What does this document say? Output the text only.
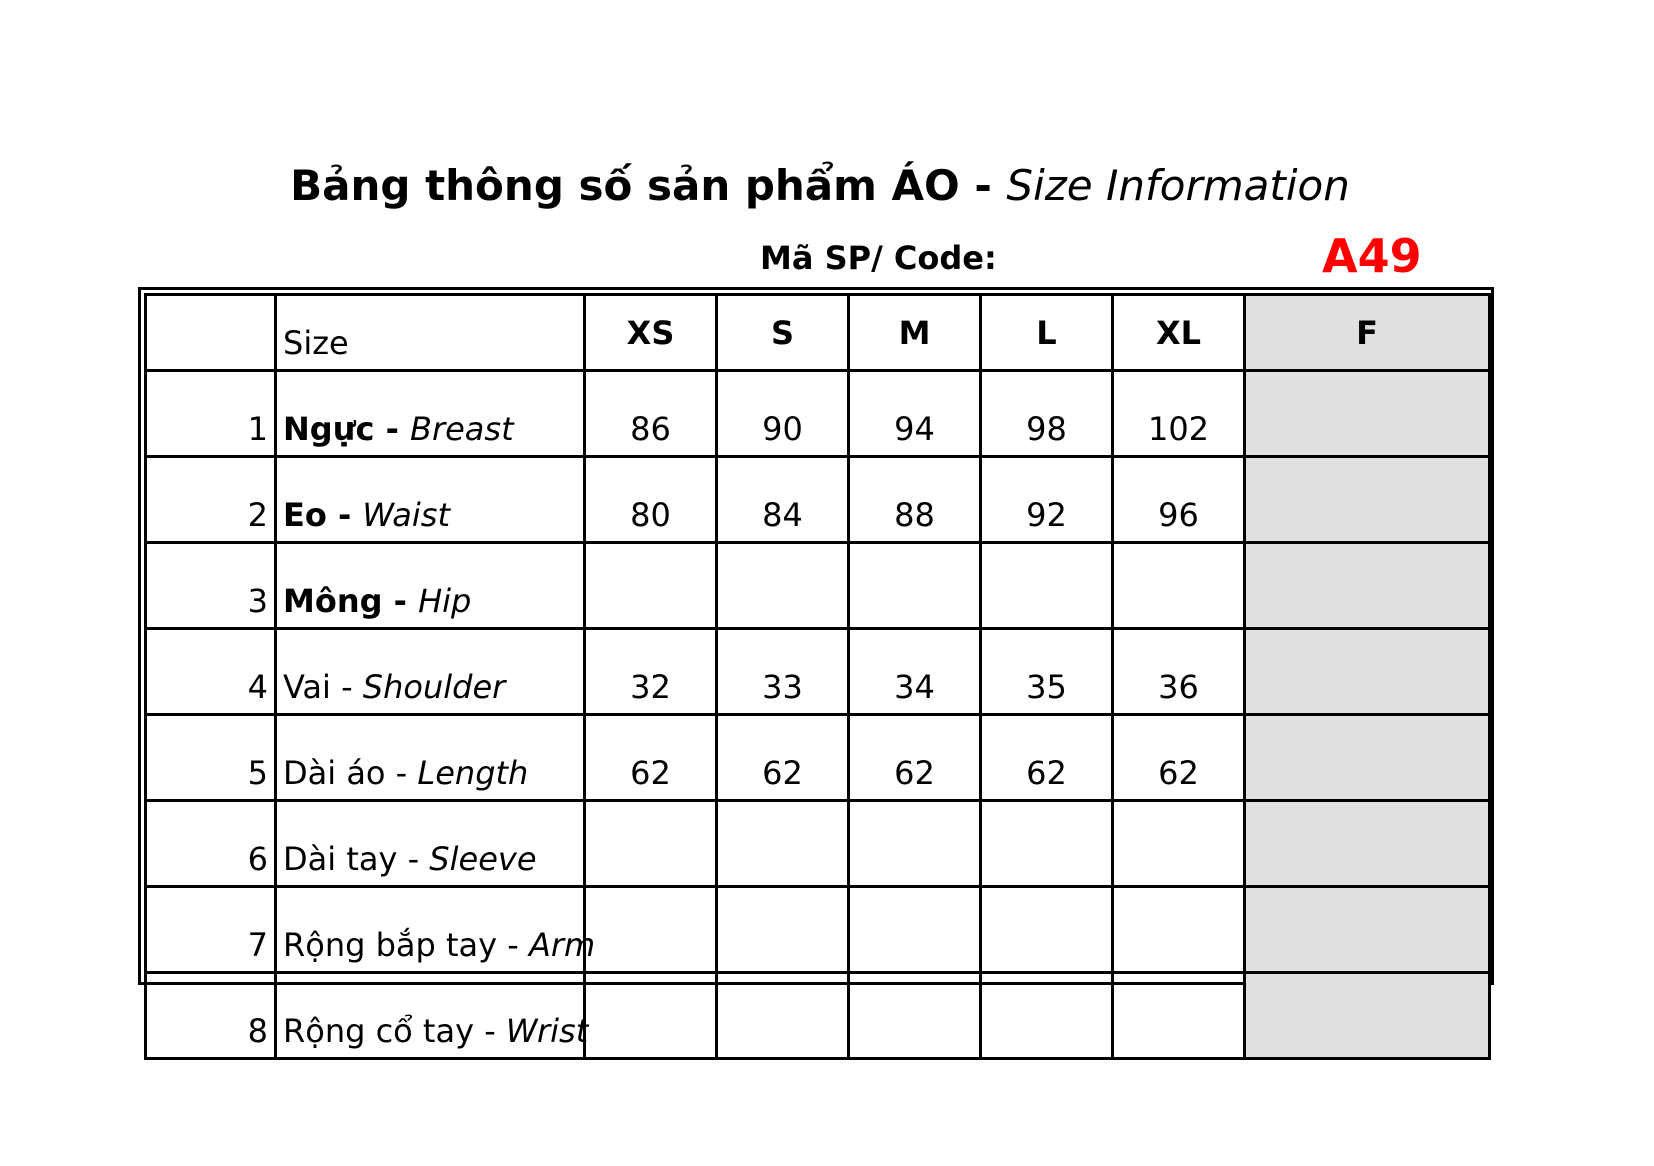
Bảng thông số sản phẩm ÁO - Size Information
Mã SP/ Code:	A49
	Size	XS	S	M	L	XL	F
1	Ngực - Breast	86	90	94	98	102	
2	Eo - Waist	80	84	88	92	96	
3	Mông - Hip						
4	Vai - Shoulder	32	33	34	35	36	
5	Dài áo - Length	62	62	62	62	62	
6	Dài tay - Sleeve						
7	Rộng bắp tay - Arm						
8	Rộng cổ tay - Wrist						
